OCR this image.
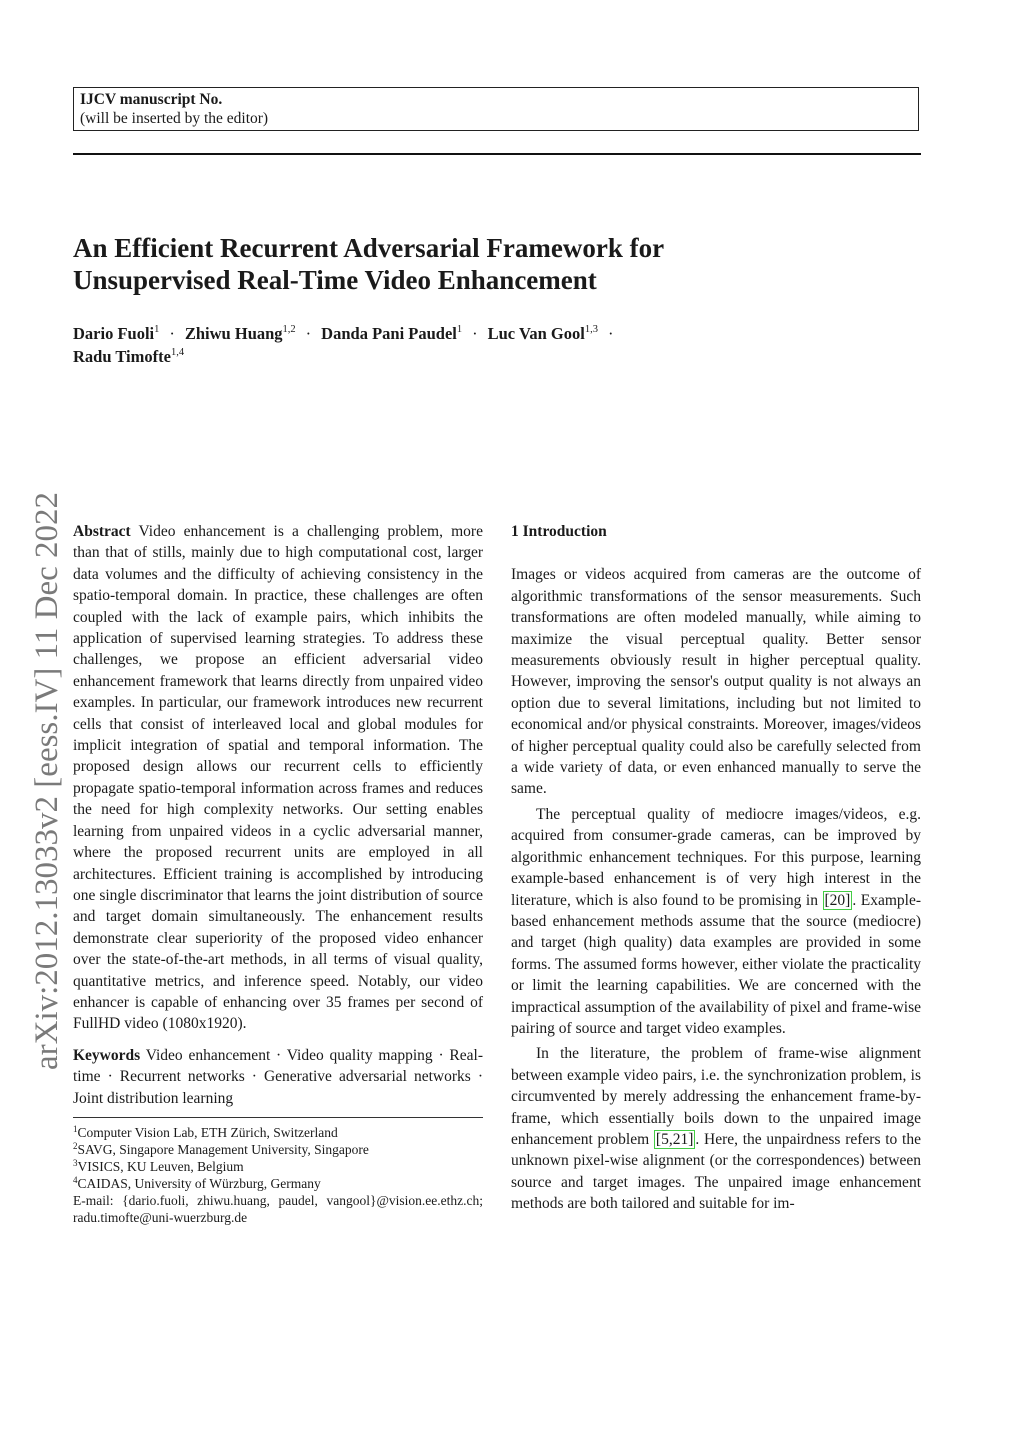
IJCV manuscript No.
(will be inserted by the editor)
An Efficient Recurrent Adversarial Framework for
Unsupervised Real-Time Video Enhancement
Dario Fuoli$^1$ · Zhiwu Huang$^{1,2}$ · Danda Pani Paudel$^1$ · Luc Van Gool$^{1,3}$ ·
Radu Timofte$^{1,4}$
arXiv:2012.13033v2 [eess.IV] 11 Dec 2022 Abstract Video enhancement is a challenging problem, more than that of stills, mainly due to high computational cost, larger data volumes and the difficulty of achieving consistency in the spatio-temporal domain. In practice, these challenges are often coupled with the lack of example pairs, which inhibits the application of supervised learning strategies. To address these challenges, we propose an efficient adversarial video enhancement framework that learns directly from unpaired video examples. In particular, our framework introduces new recurrent cells that consist of interleaved local and global modules for implicit integration of spatial and temporal information. The proposed design allows our recurrent cells to efficiently propagate spatio-temporal information across frames and reduces the need for high complexity networks. Our setting enables learning from unpaired videos in a cyclic adversarial manner, where the proposed recurrent units are employed in all architectures. Efficient training is accomplished by introducing one single discriminator that learns the joint distribution of source and target domain simultaneously. The enhancement results demonstrate clear superiority of the proposed video enhancer over the state-of-the-art methods, in all terms of visual quality, quantitative metrics, and inference speed. Notably, our video enhancer is capable of enhancing over 35 frames per second of FullHD video (1080x1920).

Keywords Video enhancement · Video quality mapping · Real-time · Recurrent networks · Generative adversarial networks · Joint distribution learning

$^1$Computer Vision Lab, ETH Zürich, Switzerland
$^2$SAVG, Singapore Management University, Singapore
$^3$VISICS, KU Leuven, Belgium
$^4$CAIDAS, University of Würzburg, Germany
E-mail: {dario.fuoli, zhiwu.huang, paudel, vangool}@vision.ee.ethz.ch; radu.timofte@uni-wuerzburg.de
1 Introduction

Images or videos acquired from cameras are the outcome of algorithmic transformations of the sensor measurements. Such transformations are often modeled manually, while aiming to maximize the visual perceptual quality. Better sensor measurements obviously result in higher perceptual quality. However, improving the sensor's output quality is not always an option due to several limitations, including but not limited to economical and/or physical constraints. Moreover, images/videos of higher perceptual quality could also be carefully selected from a wide variety of data, or even enhanced manually to serve the same.

The perceptual quality of mediocre images/videos, e.g. acquired from consumer-grade cameras, can be improved by algorithmic enhancement techniques. For this purpose, learning example-based enhancement is of very high interest in the literature, which is also found to be promising in [20] . Example-based enhancement methods assume that the source (mediocre) and target (high quality) data examples are provided in some forms. The assumed forms however, either violate the practicality or limit the learning capabilities. We are concerned with the impractical assumption of the availability of pixel and frame-wise pairing of source and target video examples.

In the literature, the problem of frame-wise alignment between example video pairs, i.e. the synchronization problem, is circumvented by merely addressing the enhancement frame-by-frame, which essentially boils down to the unpaired image enhancement problem [5,21] . Here, the unpairdness refers to the unknown pixel-wise alignment (or the correspondences) between source and target images. The unpaired image enhancement methods are both tailored and suitable for im-
